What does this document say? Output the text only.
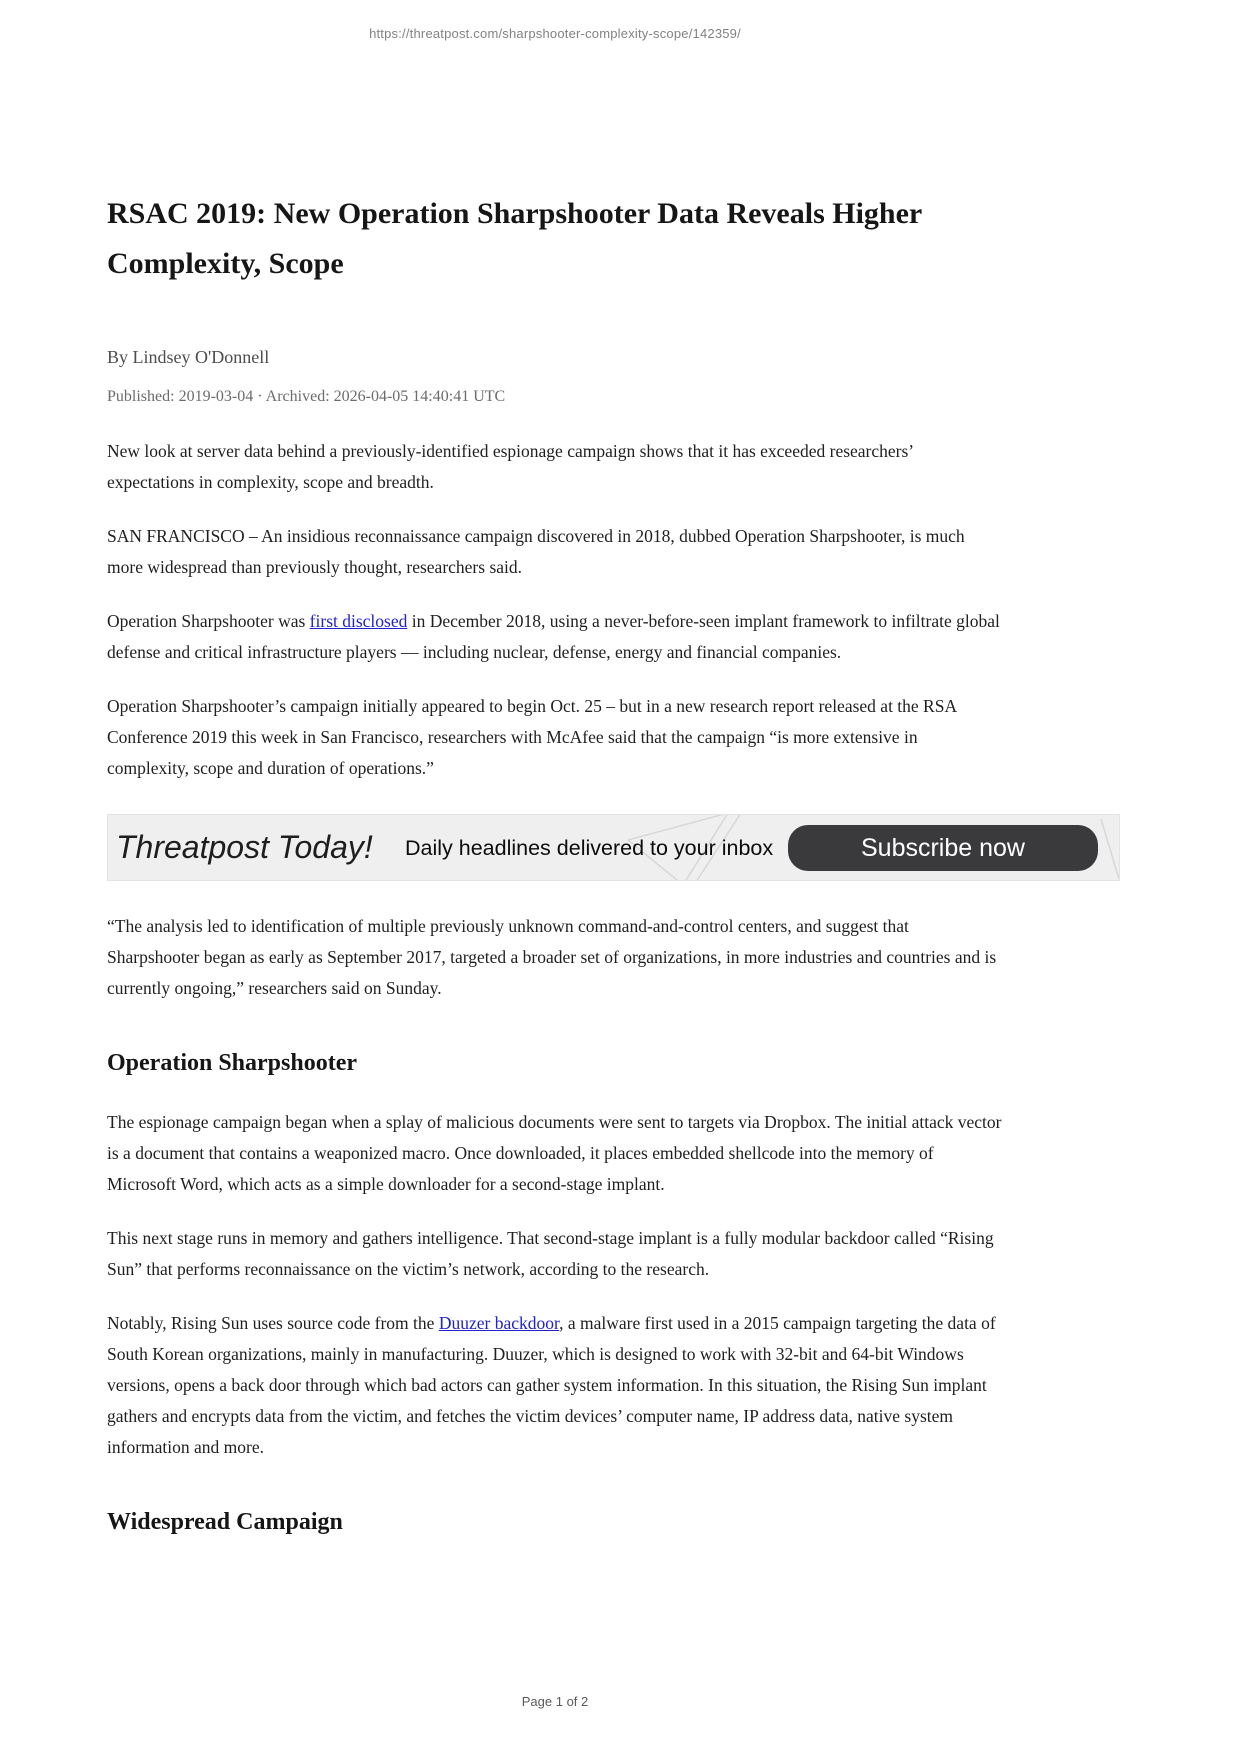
https://threatpost.com/sharpshooter-complexity-scope/142359/
RSAC 2019: New Operation Sharpshooter Data Reveals Higher Complexity, Scope
By Lindsey O'Donnell
Published: 2019-03-04 · Archived: 2026-04-05 14:40:41 UTC

New look at server data behind a previously-identified espionage campaign shows that it has exceeded researchers’ expectations in complexity, scope and breadth.

SAN FRANCISCO – An insidious reconnaissance campaign discovered in 2018, dubbed Operation Sharpshooter, is much more widespread than previously thought, researchers said.

Operation Sharpshooter was first disclosed in December 2018, using a never-before-seen implant framework to infiltrate global defense and critical infrastructure players — including nuclear, defense, energy and financial companies.

Operation Sharpshooter’s campaign initially appeared to begin Oct. 25 – but in a new research report released at the RSA Conference 2019 this week in San Francisco, researchers with McAfee said that the campaign “is more extensive in complexity, scope and duration of operations.”

Threatpost Today! Daily headlines delivered to your inbox	Subscribe now

“The analysis led to identification of multiple previously unknown command-and-control centers, and suggest that Sharpshooter began as early as September 2017, targeted a broader set of organizations, in more industries and countries and is currently ongoing,” researchers said on Sunday.

Operation Sharpshooter

The espionage campaign began when a splay of malicious documents were sent to targets via Dropbox. The initial attack vector is a document that contains a weaponized macro. Once downloaded, it places embedded shellcode into the memory of Microsoft Word, which acts as a simple downloader for a second-stage implant.

This next stage runs in memory and gathers intelligence. That second-stage implant is a fully modular backdoor called “Rising Sun” that performs reconnaissance on the victim’s network, according to the research.

Notably, Rising Sun uses source code from the Duuzer backdoor, a malware first used in a 2015 campaign targeting the data of South Korean organizations, mainly in manufacturing. Duuzer, which is designed to work with 32-bit and 64-bit Windows versions, opens a back door through which bad actors can gather system information. In this situation, the Rising Sun implant gathers and encrypts data from the victim, and fetches the victim devices’ computer name, IP address data, native system information and more.

Widespread Campaign
Page 1 of 2
